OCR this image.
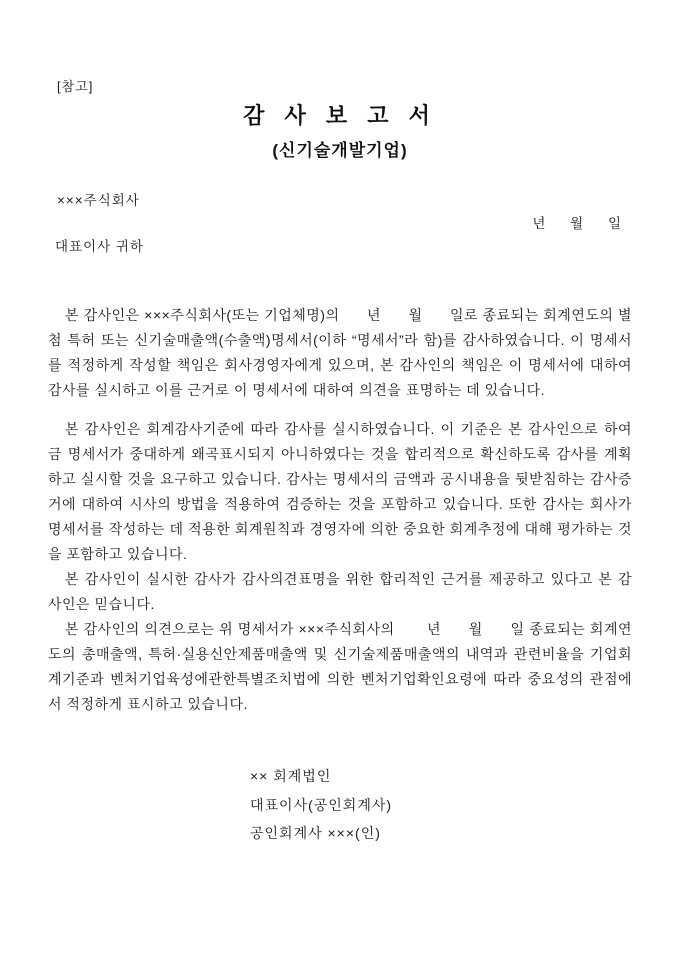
[참고]
감 사 보 고 서
(신기술개발기업)
×××주식회사
년     월     일
대표이사 귀하

본 감사인은 ×××주식회사(또는 기업체명)의      년      월      일로 종료되는 회계연도의 별첨 특허 또는 신기술매출액(수출액)명세서(이하 “명세서”라 함)를 감사하였습니다. 이 명세서를 적정하게 작성할 책임은 회사경영자에게 있으며, 본 감사인의 책임은 이 명세서에 대하여 감사를 실시하고 이를 근거로 이 명세서에 대하여 의견을 표명하는 데 있습니다.

본 감사인은 회계감사기준에 따라 감사를 실시하였습니다. 이 기준은 본 감사인으로 하여금 명세서가 중대하게 왜곡표시되지 아니하였다는 것을 합리적으로 확신하도록 감사를 계획하고 실시할 것을 요구하고 있습니다. 감사는 명세서의 금액과 공시내용을 뒷받침하는 감사증거에 대하여 시사의 방법을 적용하여 검증하는 것을 포함하고 있습니다. 또한 감사는 회사가 명세서를 작성하는 데 적용한 회계원칙과 경영자에 의한 중요한 회계추정에 대해 평가하는 것을 포함하고 있습니다.

본 감사인이 실시한 감사가 감사의견표명을 위한 합리적인 근거를 제공하고 있다고 본 감사인은 믿습니다.

본 감사인의 의견으로는 위 명세서가 ×××주식회사의       년      월      일 종료되는 회계연도의 총매출액, 특허·실용신안제품매출액 및 신기술제품매출액의 내역과 관련비율을 기업회계기준과 벤처기업육성에관한특별조치법에 의한 벤처기업확인요령에 따라 중요성의 관점에서 적정하게 표시하고 있습니다.

×× 회계법인
대표이사(공인회계사)
공인회계사 ×××(인)
